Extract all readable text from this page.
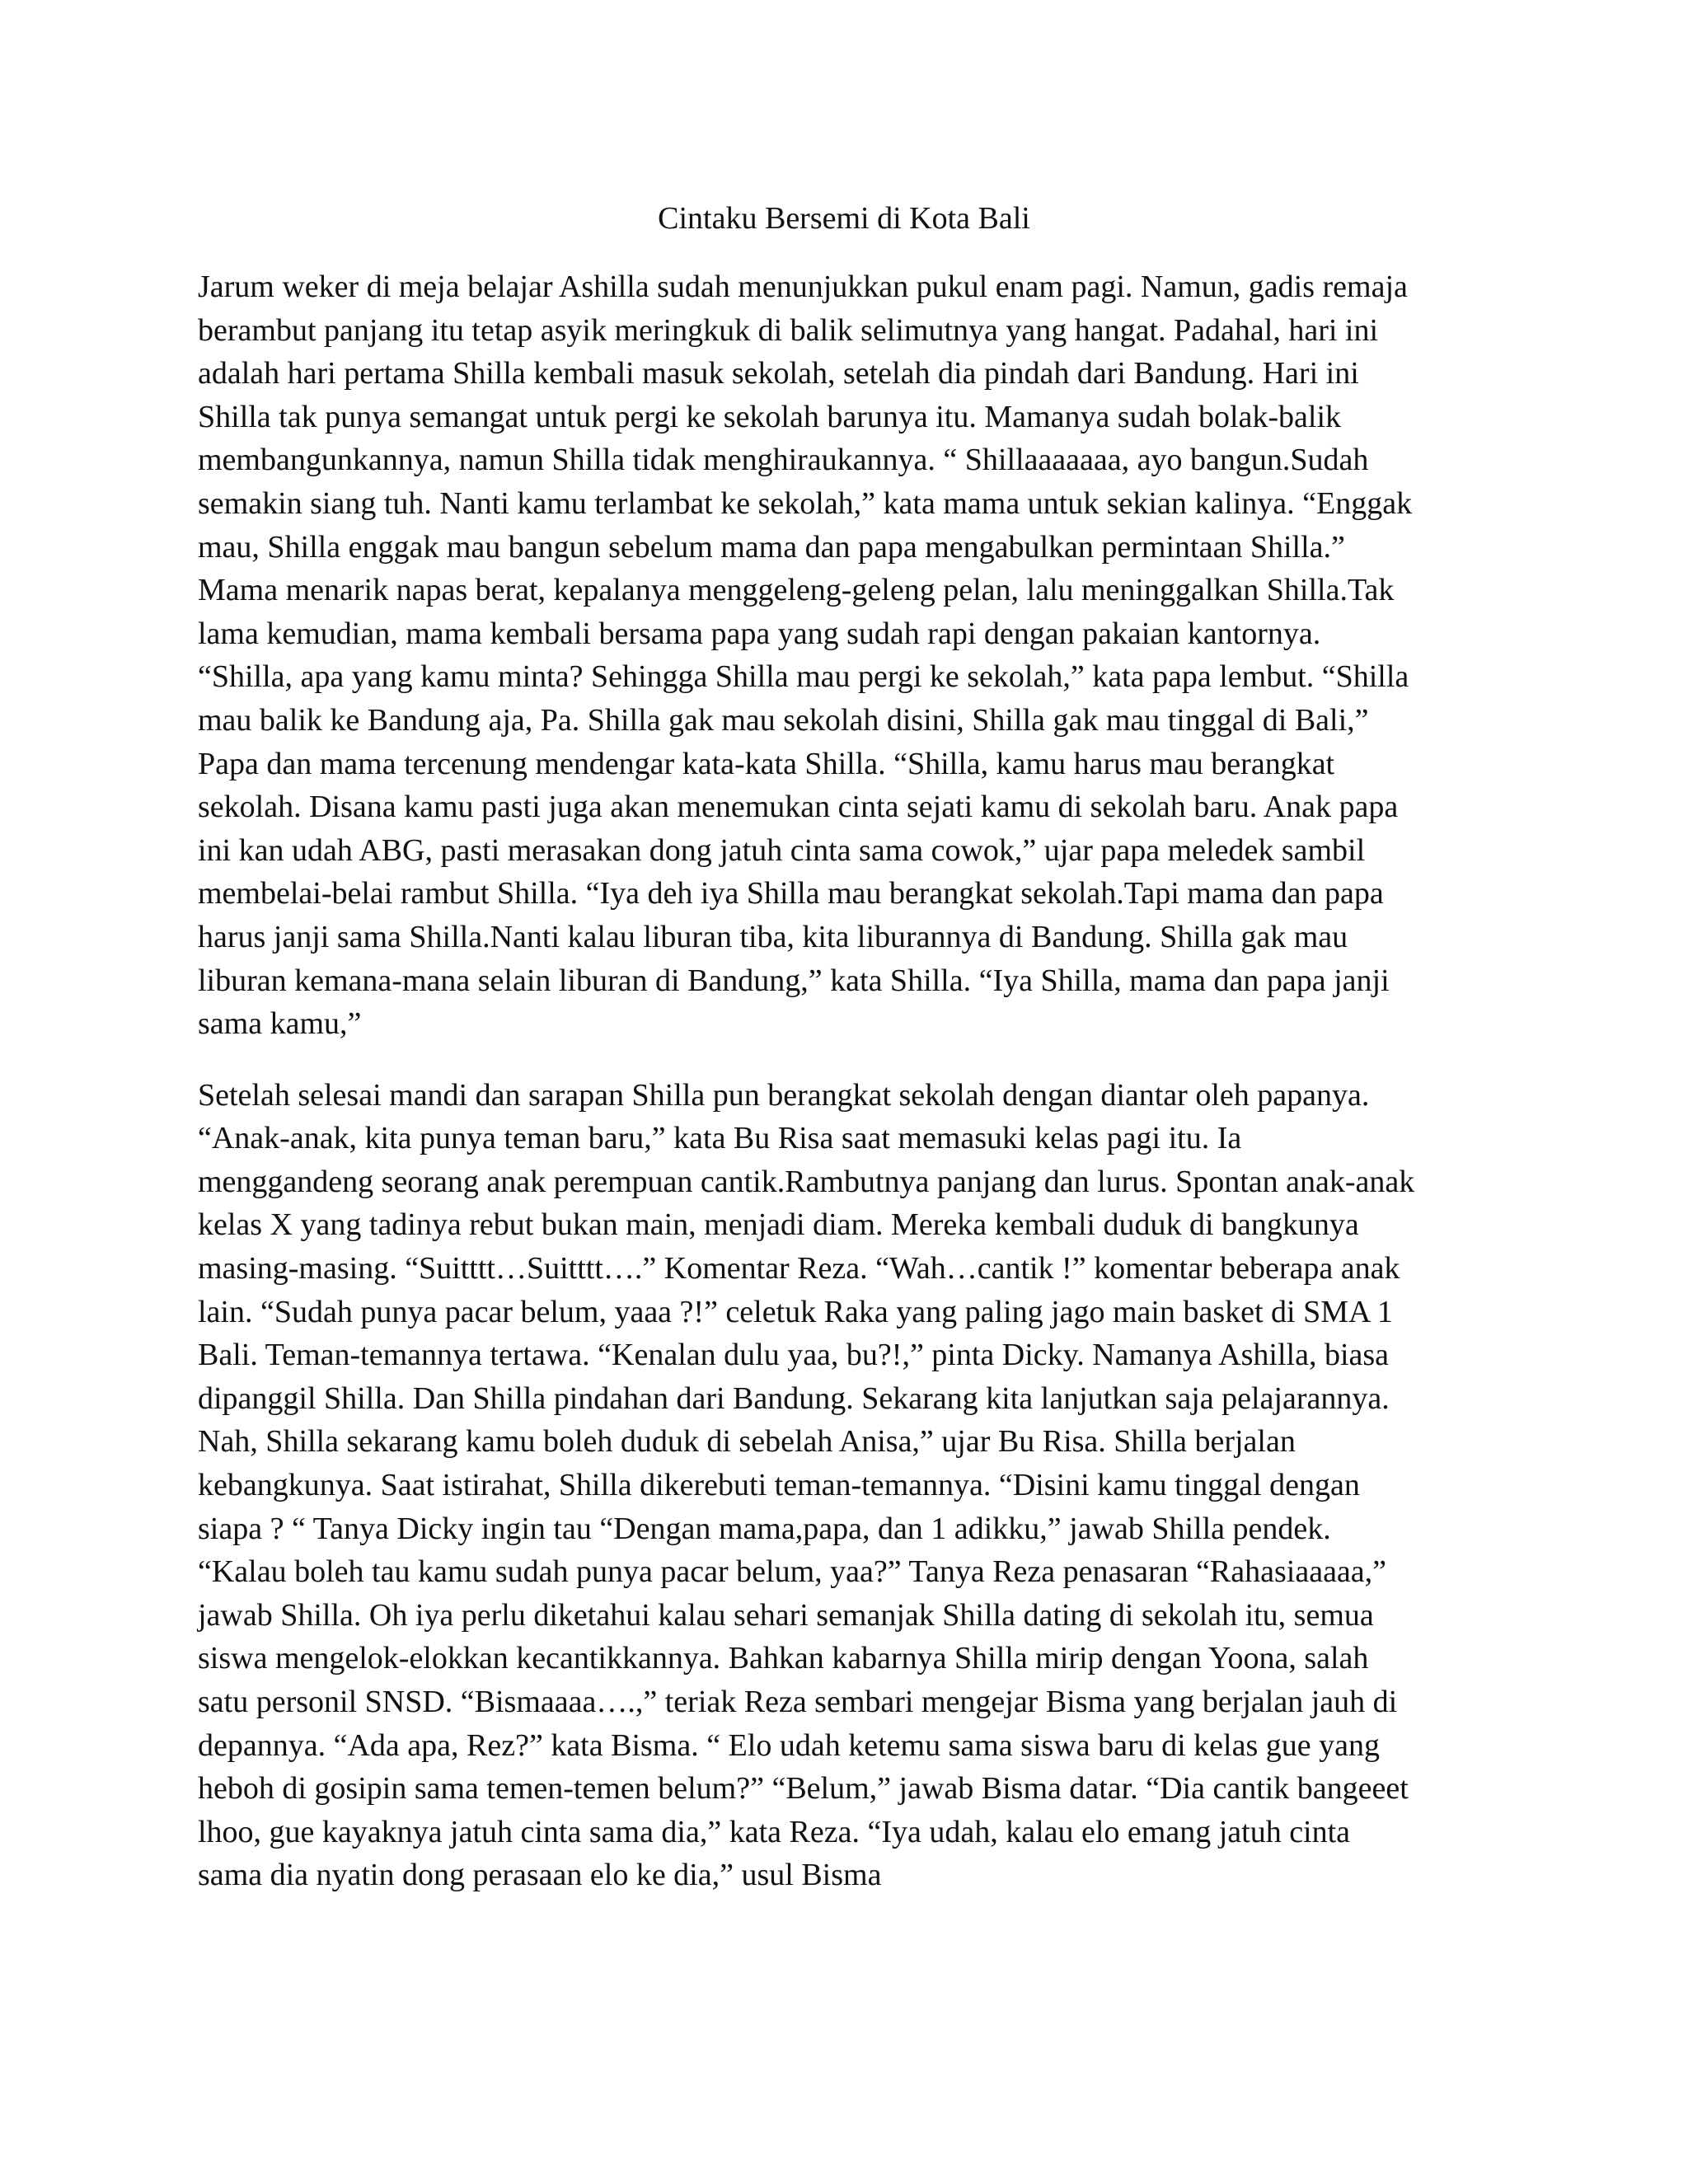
Cintaku Bersemi di Kota Bali

Jarum weker di meja belajar Ashilla sudah menunjukkan pukul enam pagi. Namun, gadis remaja
berambut panjang itu tetap asyik meringkuk di balik selimutnya yang hangat. Padahal, hari ini
adalah hari pertama Shilla kembali masuk sekolah, setelah dia pindah dari Bandung. Hari ini
Shilla tak punya semangat untuk pergi ke sekolah barunya itu. Mamanya sudah bolak-balik
membangunkannya, namun Shilla tidak menghiraukannya. “ Shillaaaaaaa, ayo bangun.Sudah
semakin siang tuh. Nanti kamu terlambat ke sekolah,” kata mama untuk sekian kalinya. “Enggak
mau, Shilla enggak mau bangun sebelum mama dan papa mengabulkan permintaan Shilla.”
Mama menarik napas berat, kepalanya menggeleng-geleng pelan, lalu meninggalkan Shilla.Tak
lama kemudian, mama kembali bersama papa yang sudah rapi dengan pakaian kantornya.
“Shilla, apa yang kamu minta? Sehingga Shilla mau pergi ke sekolah,” kata papa lembut. “Shilla
mau balik ke Bandung aja, Pa. Shilla gak mau sekolah disini, Shilla gak mau tinggal di Bali,”
Papa dan mama tercenung mendengar kata-kata Shilla. “Shilla, kamu harus mau berangkat
sekolah. Disana kamu pasti juga akan menemukan cinta sejati kamu di sekolah baru. Anak papa
ini kan udah ABG, pasti merasakan dong jatuh cinta sama cowok,” ujar papa meledek sambil
membelai-belai rambut Shilla. “Iya deh iya Shilla mau berangkat sekolah.Tapi mama dan papa
harus janji sama Shilla.Nanti kalau liburan tiba, kita liburannya di Bandung. Shilla gak mau
liburan kemana-mana selain liburan di Bandung,” kata Shilla. “Iya Shilla, mama dan papa janji
sama kamu,”

Setelah selesai mandi dan sarapan Shilla pun berangkat sekolah dengan diantar oleh papanya.
“Anak-anak, kita punya teman baru,” kata Bu Risa saat memasuki kelas pagi itu. Ia
menggandeng seorang anak perempuan cantik.Rambutnya panjang dan lurus. Spontan anak-anak
kelas X yang tadinya rebut bukan main, menjadi diam. Mereka kembali duduk di bangkunya
masing-masing. “Suitttt…Suitttt….” Komentar Reza. “Wah…cantik !” komentar beberapa anak
lain. “Sudah punya pacar belum, yaaa ?!” celetuk Raka yang paling jago main basket di SMA 1
Bali. Teman-temannya tertawa. “Kenalan dulu yaa, bu?!,” pinta Dicky. Namanya Ashilla, biasa
dipanggil Shilla. Dan Shilla pindahan dari Bandung. Sekarang kita lanjutkan saja pelajarannya.
Nah, Shilla sekarang kamu boleh duduk di sebelah Anisa,” ujar Bu Risa. Shilla berjalan
kebangkunya. Saat istirahat, Shilla dikerebuti teman-temannya. “Disini kamu tinggal dengan
siapa ? “ Tanya Dicky ingin tau “Dengan mama,papa, dan 1 adikku,” jawab Shilla pendek.
“Kalau boleh tau kamu sudah punya pacar belum, yaa?” Tanya Reza penasaran “Rahasiaaaaa,”
jawab Shilla. Oh iya perlu diketahui kalau sehari semanjak Shilla dating di sekolah itu, semua
siswa mengelok-elokkan kecantikkannya. Bahkan kabarnya Shilla mirip dengan Yoona, salah
satu personil SNSD. “Bismaaaa….,” teriak Reza sembari mengejar Bisma yang berjalan jauh di
depannya. “Ada apa, Rez?” kata Bisma. “ Elo udah ketemu sama siswa baru di kelas gue yang
heboh di gosipin sama temen-temen belum?” “Belum,” jawab Bisma datar. “Dia cantik bangeeet
lhoo, gue kayaknya jatuh cinta sama dia,” kata Reza. “Iya udah, kalau elo emang jatuh cinta
sama dia nyatin dong perasaan elo ke dia,” usul Bisma
